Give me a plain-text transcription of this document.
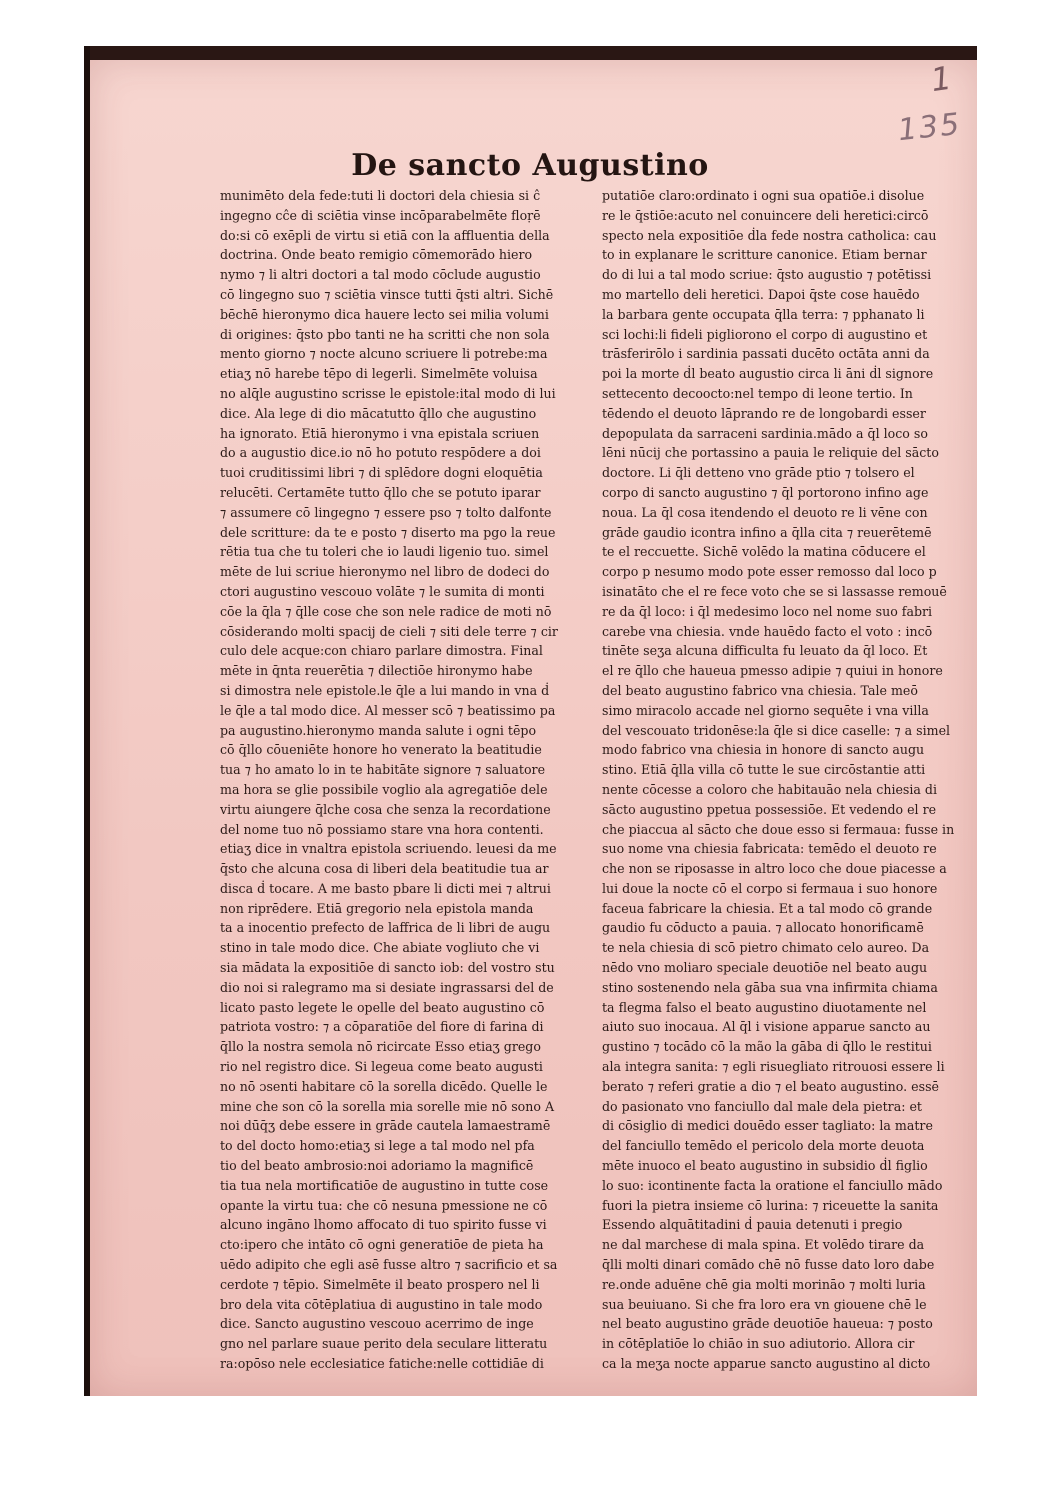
1
135
De sancto Augustino
munimēto dela fede:tuti li doctori dela chiesia si ĉ
ingegno cĉe di sciētia vinse incōparabelmēte floṛē
do:si cō exēpli de virtu si etiā con la affluentia della
doctrina. Onde beato remigio cōmemorādo hiero
nymo ⁊ li altri doctori a tal modo cōclude augustio
cō lingegno suo ⁊ sciētia vinsce tutti q̄sti altri. Sichē
bēchē hieronymo dica hauere lecto sei milia volumi
di origines: q̄sto pbo tanti ne ha scritti che non sola
mento giorno ⁊ nocte alcuno scriuere li potrebe:ma
etiaʒ nō harebe tēpo di legerli. Simelmēte voluisa
no alq̄le augustino scrisse le epistole:ital modo di lui
dice. Ala lege di dio mācatutto q̄llo che augustino
ha ignorato. Etiā hieronymo i vna epistala scriuen
do a augustio dice.io nō ho potuto respōdere a doi
tuoi cruditissimi libri ⁊ di splēdore dogni eloquētia
relucēti. Certamēte tutto q̄llo che se potuto iparar
⁊ assumere cō lingegno ⁊ essere pso ⁊ tolto dalfonte
dele scritture: da te e posto ⁊ diserto ma pgo la reue
rētia tua che tu toleri che io laudi ligenio tuo. simel
mēte de lui scriue hieronymo nel libro de dodeci do
ctori augustino vescouo volāte ⁊ le sumita di monti
cōe la q̄la ⁊ q̄lle cose che son nele radice de moti nō
cōsiderando molti spacij de cieli ⁊ siti dele terre ⁊ cir
culo dele acque:con chiaro parlare dimostra. Final
mēte in q̄nta reuerētia ⁊ dilectiōe hironymo habe
si dimostra nele epistole.le q̄le a lui mando in vna ḋ
le q̄le a tal modo dice. Al messer scō ⁊ beatissimo pa
pa augustino.hieronymo manda salute i ogni tēpo
cō q̄llo cōueniēte honore ho venerato la beatitudie
tua ⁊ ho amato lo in te habitāte signore ⁊ saluatore
ma hora se glie possibile voglio ala agregatiōe dele
virtu aiungere q̄lche cosa che senza la recordatione
del nome tuo nō possiamo stare vna hora contenti.
etiaʒ dice in vnaltra epistola scriuendo. leuesi da me
q̄sto che alcuna cosa di liberi dela beatitudie tua ar
disca ḋ tocare. A me basto pbare li dicti mei ⁊ altrui
non riprēdere. Etiā gregorio nela epistola manda
ta a inocentio prefecto de laffrica de li libri de augu
stino in tale modo dice. Che abiate vogliuto che vi
sia mādata la expositiōe di sancto iob: del vostro stu
dio noi si ralegramo ma si desiate ingrassarsi del de
licato pasto legete le opelle del beato augustino cō
patriota vostro: ⁊ a cōparatiōe del fiore di farina di
q̄llo la nostra semola nō ricircate Esso etiaʒ grego
rio nel registro dice. Si legeua come beato augusti
no nō ɔsenti habitare cō la sorella dicēdo. Quelle le
mine che son cō la sorella mia sorelle mie nō sono A
noi dūq̄ʒ debe essere in grāde cautela lamaestramē
to del docto homo:etiaʒ si lege a tal modo nel pfa
tio del beato ambrosio:noi adoriamo la magnificē
tia tua nela mortificatiōe de augustino in tutte cose
opante la virtu tua: che cō nesuna pmessione ne cō
alcuno ingāno lhomo affocato di tuo spirito fusse vi
cto:ipero che intāto cō ogni generatiōe de pieta ha
uēdo adipito che egli asē fusse altro ⁊ sacrificio et sa
cerdote ⁊ tēpio. Simelmēte il beato prospero nel li
bro dela vita cōtēplatiua di augustino in tale modo
dice. Sancto augustino vescouo acerrimo de inge
gno nel parlare suaue perito dela seculare litteratu
ra:opōso nele ecclesiatice fatiche:nelle cottidiāe di
putatiōe claro:ordinato i ogni sua opatiōe.i disolue
re le q̄stiōe:acuto nel conuincere deli heretici:circō
specto nela expositiōe ḋla fede nostra catholica: cau
to in explanare le scritture canonice. Etiam bernar
do di lui a tal modo scriue: q̄sto augustio ⁊ potētissi
mo martello deli heretici. Dapoi q̄ste cose hauēdo
la barbara gente occupata q̄lla terra: ⁊ pphanato li
sci lochi:li fideli pigliorono el corpo di augustino et
trāsferirōlo i sardinia passati ducēto octāta anni da
poi la morte ḋl beato augustio circa li āni ḋl signore
settecento decoocto:nel tempo di leone tertio. In
tēdendo el deuoto lāprando re de longobardi esser
depopulata da sarraceni sardinia.mādo a q̄l loco so
lēni nūcij che portassino a pauia le reliquie del sācto
doctore. Li q̄li detteno vno grāde ptio ⁊ tolsero el
corpo di sancto augustino ⁊ q̄l portorono infino age
noua. La q̄l cosa itendendo el deuoto re li vēne con
grāde gaudio icontra infino a q̄lla cita ⁊ reuerētemē
te el reccuette. Sichē volēdo la matina cōducere el
corpo p nesumo modo pote esser remosso dal loco p
isinatāto che el re fece voto che se si lassasse remouē
re da q̄l loco: i q̄l medesimo loco nel nome suo fabri
carebe vna chiesia. vnde hauēdo facto el voto : incō
tinēte seʒa alcuna difficulta fu leuato da q̄l loco. Et
el re q̄llo che haueua pmesso adipie ⁊ quiui in honore
del beato augustino fabrico vna chiesia. Tale meō
simo miracolo accade nel giorno sequēte i vna villa
del vescouato tridonēse:la q̄le si dice caselle: ⁊ a simel
modo fabrico vna chiesia in honore di sancto augu
stino. Etiā q̄lla villa cō tutte le sue circōstantie atti
nente cōcesse a coloro che habitauāo nela chiesia di
sācto augustino ppetua possessiōe. Et vedendo el re
che piaccua al sācto che doue esso si fermaua: fusse in
suo nome vna chiesia fabricata: temēdo el deuoto re
che non se riposasse in altro loco che doue piacesse a
lui doue la nocte cō el corpo si fermaua i suo honore
faceua fabricare la chiesia. Et a tal modo cō grande
gaudio fu cōducto a pauia. ⁊ allocato honorificamē
te nela chiesia di scō pietro chimato celo aureo. Da
nēdo vno moliaro speciale deuotiōe nel beato augu
stino sostenendo nela gāba sua vna infirmita chiama
ta flegma falso el beato augustino diuotamente nel
aiuto suo inocaua. Al q̄l i visione apparue sancto au
gustino ⁊ tocādo cō la mão la gāba di q̄llo le restitui
ala integra sanita: ⁊ egli risuegliato ritrouosi essere li
berato ⁊ referi gratie a dio ⁊ el beato augustino. essē
do pasionato vno fanciullo dal male dela pietra: et
di cōsiglio di medici douēdo esser tagliato: la matre
del fanciullo temēdo el pericolo dela morte deuota
mēte inuoco el beato augustino in subsidio ḋl figlio
lo suo: icontinente facta la oratione el fanciullo mādo
fuori la pietra insieme cō lurina: ⁊ riceuette la sanita
Essendo alquātitadini ḋ pauia detenuti i pregio
ne dal marchese di mala spina. Et volēdo tirare da
q̄lli molti dinari comādo chē nō fusse dato loro dabe
re.onde aduēne chē gia molti morināo ⁊ molti luria
sua beuiuano. Si che fra loro era vn giouene chē le
nel beato augustino grāde deuotiōe haueua: ⁊ posto
in cōtēplatiōe lo chiāo in suo adiutorio. Allora cir
ca la meʒa nocte apparue sancto augustino al dicto
